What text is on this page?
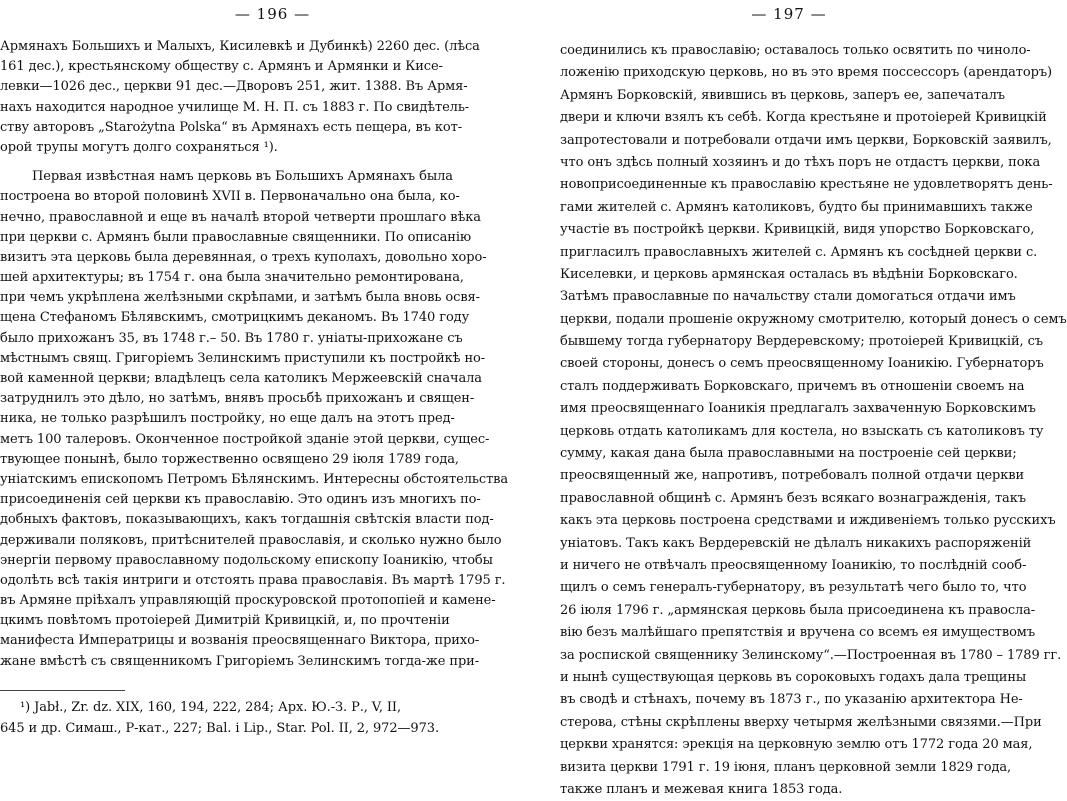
— 196 —
Армянахъ Большихъ и Малыхъ, Кисилевкѣ и Дубинкѣ) 2260 дес. (лѣса
161 дес.), крестьянскому обществу с. Армянъ и Армянки и Кисе-
левки—1026 дес., церкви 91 дес.—Дворовъ 251, жит. 1388. Въ Армя-
нахъ находится народное училище М. Н. П. съ 1883 г. По свидѣтель-
ству авторовъ „Starożytna Polska“ въ Армянахъ есть пещера, въ кот-
орой трупы могутъ долго сохраняться ¹).
Первая извѣстная намъ церковь въ Большихъ Армянахъ была
построена во второй половинѣ XVII в. Первоначально она была, ко-
нечно, православной и еще въ началѣ второй четверти прошлаго вѣка
при церкви с. Армянъ были православные священники. По описанію
визитъ эта церковь была деревянная, о трехъ куполахъ, довольно хоро-
шей архитектуры; въ 1754 г. она была значительно ремонтирована,
при чемъ укрѣплена желѣзными скрѣпами, и затѣмъ была вновь освя-
щена Стефаномъ Бѣлявскимъ, смотрицкимъ деканомъ. Въ 1740 году
было прихожанъ 35, въ 1748 г.– 50. Въ 1780 г. уніаты-прихожане съ
мѣстнымъ свящ. Григоріемъ Зелинскимъ приступили къ постройкѣ но-
вой каменной церкви; владѣлецъ села католикъ Мержеевскій сначала
затруднилъ это дѣло, но затѣмъ, внявъ просьбѣ прихожанъ и священ-
ника, не только разрѣшилъ постройку, но еще далъ на этотъ пред-
метъ 100 талеровъ. Оконченное постройкой зданіе этой церкви, сущес-
твующее понынѣ, было торжественно освящено 29 іюля 1789 года,
уніатскимъ епископомъ Петромъ Бѣлянскимъ. Интересны обстоятельства
присоединенія сей церкви къ православію. Это одинъ изъ многихъ по-
добныхъ фактовъ, показывающихъ, какъ тогдашнія свѣтскія власти под-
держивали поляковъ, притѣснителей православія, и сколько нужно было
энергіи первому православному подольскому епископу Іоаникію, чтобы
одолѣть всѣ такія интриги и отстоять права православія. Въ мартѣ 1795 г.
въ Армяне пріѣхалъ управляющій проскуровской протопопіей и камене-
цкимъ повѣтомъ протоіерей Димитрій Кривицкій, и, по прочтеніи
манифеста Императрицы и возванія преосвященнаго Виктора, прихо-
жане вмѣстѣ съ священникомъ Григоріемъ Зелинскимъ тогда-же при-
¹) Jabł., Zr. dz. XIX, 160, 194, 222, 284; Арх. Ю.-З. Р., V, II,
645 и др. Симаш., Р-кат., 227; Bal. i Lip., Star. Pol. II, 2, 972—973.
— 197 —
соединились къ православію; оставалось только освятить по чиноло-
ложенію приходскую церковь, но въ это время поссессоръ (арендаторъ)
Армянъ Борковскій, явившись въ церковь, заперъ ее, запечаталъ
двери и ключи взялъ къ себѣ. Когда крестьяне и протоіерей Кривицкій
запротестовали и потребовали отдачи имъ церкви, Борковскій заявилъ,
что онъ здѣсь полный хозяинъ и до тѣхъ поръ не отдастъ церкви, пока
новоприсоединенные къ православію крестьяне не удовлетворятъ день-
гами жителей с. Армянъ католиковъ, будто бы принимавшихъ также
участіе въ постройкѣ церкви. Кривицкій, видя упорство Борковскаго,
пригласилъ православныхъ жителей с. Армянъ къ сосѣдней церкви с.
Киселевки, и церковь армянская осталась въ вѣдѣніи Борковскаго.
Затѣмъ православные по начальству стали домогаться отдачи имъ
церкви, подали прошеніе окружному смотрителю, который донесъ о семъ
бывшему тогда губернатору Вердеревскому; протоіерей Кривицкій, съ
своей стороны, донесъ о семъ преосвященному Іоаникію. Губернаторъ
сталъ поддерживать Борковскаго, причемъ въ отношеніи своемъ на
имя преосвященнаго Іоаникія предлагалъ захваченную Борковскимъ
церковь отдать католикамъ для костела, но взыскать съ католиковъ ту
сумму, какая дана была православными на построеніе сей церкви;
преосвященный же, напротивъ, потребовалъ полной отдачи церкви
православной общинѣ с. Армянъ безъ всякаго вознагражденія, такъ
какъ эта церковь построена средствами и иждивеніемъ только русскихъ
уніатовъ. Такъ какъ Вердеревскій не дѣлалъ никакихъ распоряженій
и ничего не отвѣчалъ преосвященному Іоаникію, то послѣдній сооб-
щилъ о семъ генералъ-губернатору, въ результатѣ чего было то, что
26 іюля 1796 г. „армянская церковь была присоединена къ правосла-
вію безъ малѣйшаго препятствія и вручена со всемъ ея имуществомъ
за роспиской священнику Зелинскому“.—Построенная въ 1780 – 1789 гг.
и нынѣ существующая церковь въ сороковыхъ годахъ дала трещины
въ сводѣ и стѣнахъ, почему въ 1873 г., по указанію архитектора Не-
стерова, стѣны скрѣплены вверху четырмя желѣзными связями.—При
церкви хранятся: эрекція на церковную землю отъ 1772 года 20 мая,
визита церкви 1791 г. 19 іюня, планъ церковной земли 1829 года,
также планъ и межевая книга 1853 года.
